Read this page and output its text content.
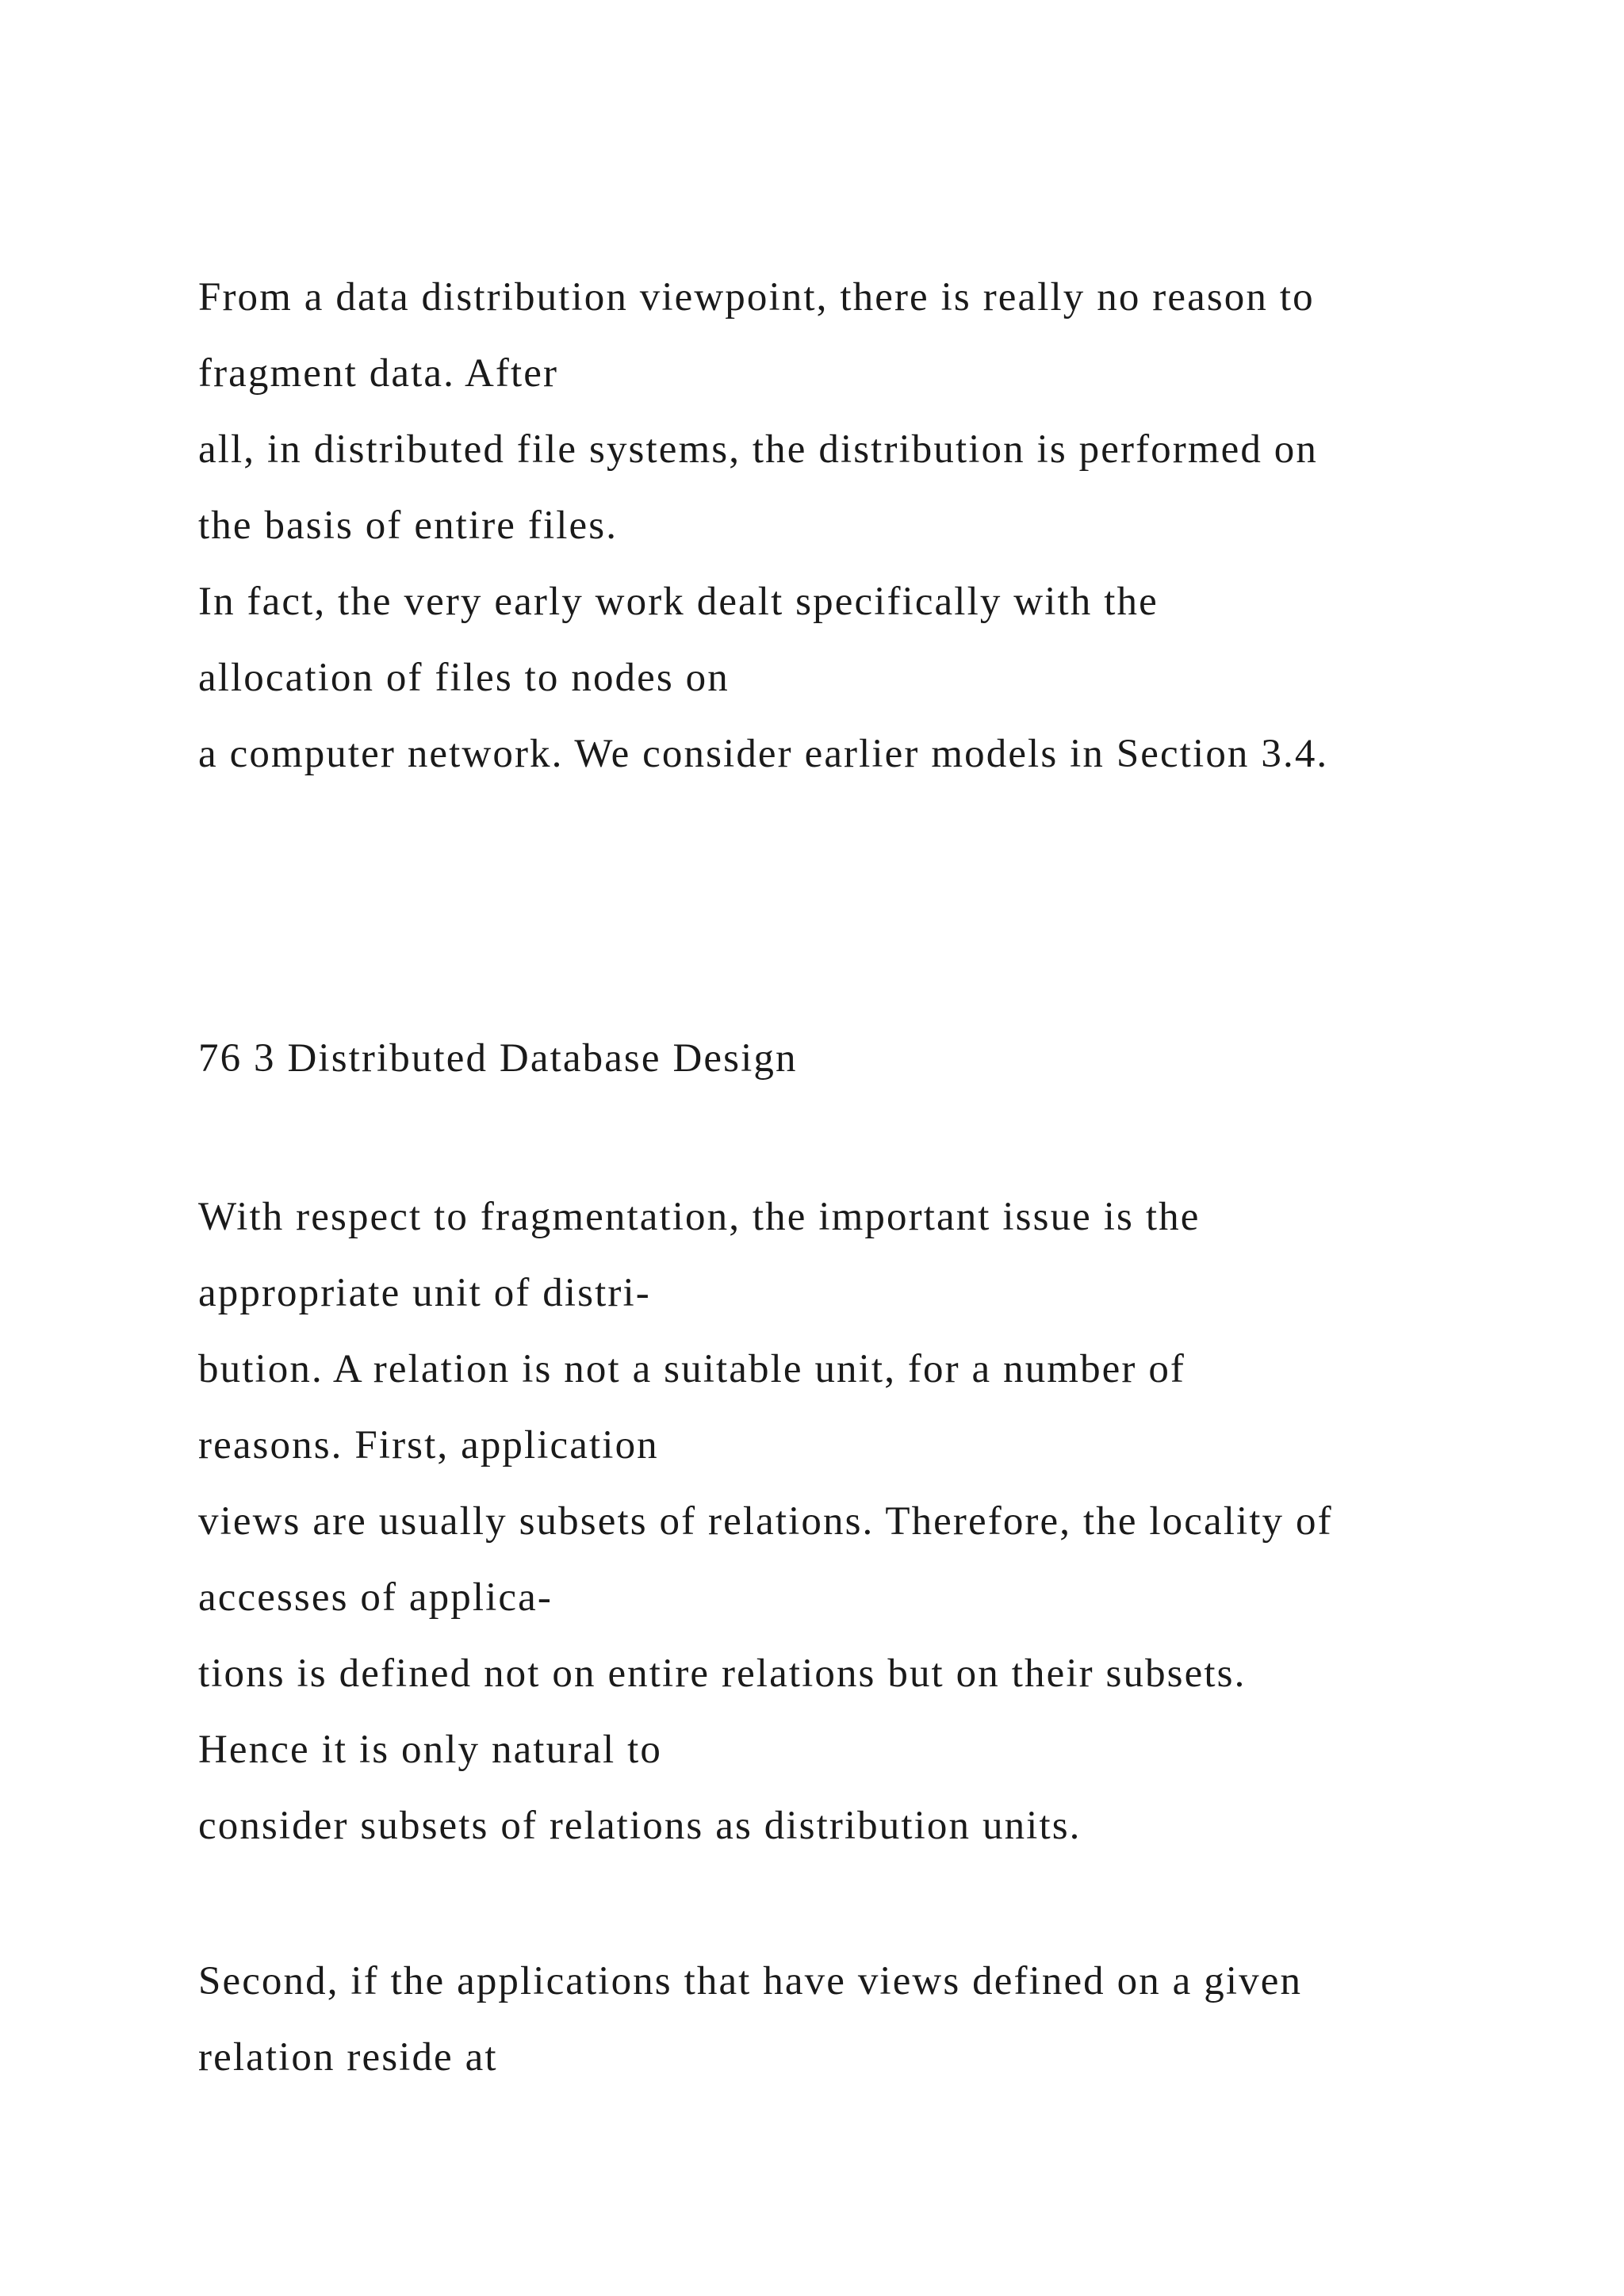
From a data distribution viewpoint, there is really no reason to

fragment data. After

all, in distributed file systems, the distribution is performed on

the basis of entire files.

In fact, the very early work dealt specifically with the

allocation of files to nodes on

a computer network. We consider earlier models in Section 3.4.

76 3 Distributed Database Design

With respect to fragmentation, the important issue is the

appropriate unit of distri-

bution. A relation is not a suitable unit, for a number of

reasons. First, application

views are usually subsets of relations. Therefore, the locality of

accesses of applica-

tions is defined not on entire relations but on their subsets.

Hence it is only natural to

consider subsets of relations as distribution units.

Second, if the applications that have views defined on a given

relation reside at
